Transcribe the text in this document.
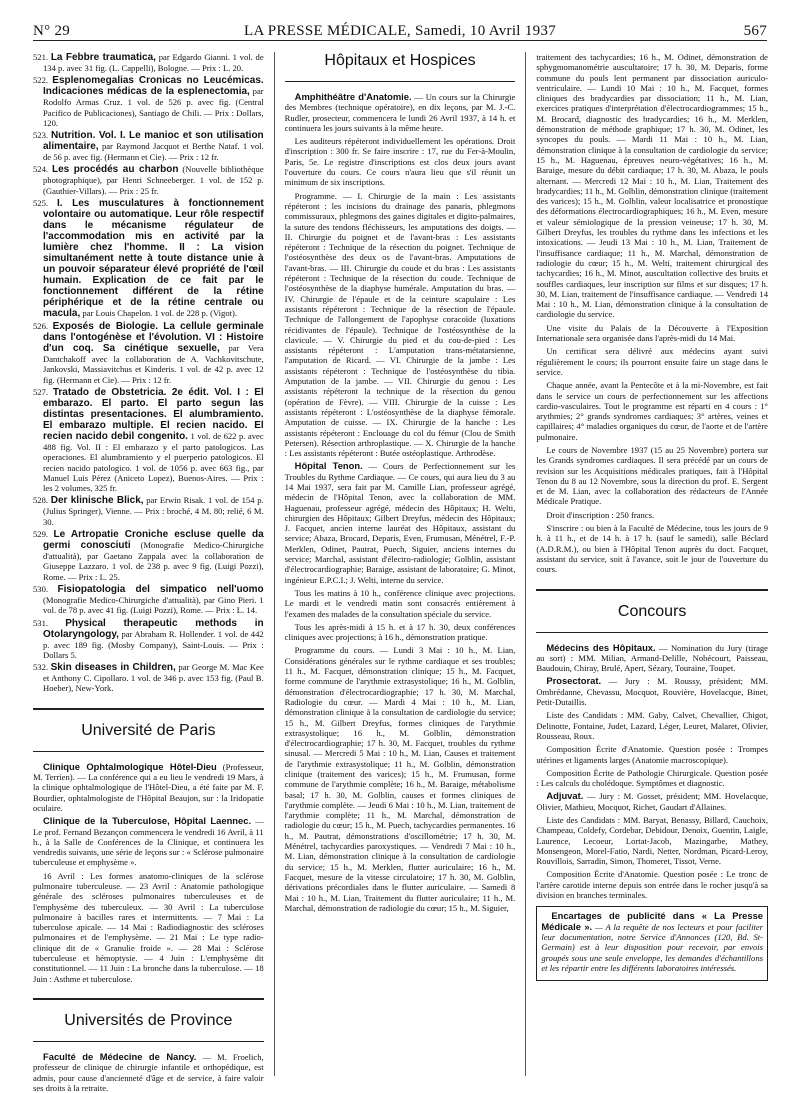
N° 29	LA PRESSE MÉDICALE, Samedi, 10 Avril 1937	567

521. La Febbre traumatica, par Edgardo Gianni. 1 vol. de 134 p. avec 31 fig. (L. Cappelli), Bologne. — Prix : L. 20.

522. Esplenomegalias Cronicas no Leucémicas. Indicaciones médicas de la esplenectomia, par Rodolfo Armas Cruz. 1 vol. de 526 p. avec fig. (Central Pacifico de Publicaciones), Santiago de Chili. — Prix : Dollars, 120.

523. Nutrition. Vol. I. Le manioc et son utilisation alimentaire, par Raymond Jacquot et Berthe Nataf. 1 vol. de 56 p. avec fig. (Hermann et Cie). — Prix : 12 fr.

524. Les procédés au charbon (Nouvelle bibliothèque photographique), par Henri Schneeberger. 1 vol. de 152 p. (Gauthier-Villars). — Prix : 25 fr.

525. I. Les musculatures à fonctionnement volontaire ou automatique. Leur rôle respectif dans le mécanisme régulateur de l'accommodation mis en activité par la lumière chez l'homme. II : La vision simultanément nette à toute distance unie à un pouvoir séparateur élevé propriété de l'œil humain. Explication de ce fait par le fonctionnement différent de la rétine périphérique et de la rétine centrale ou macula, par Louis Chapelon. 1 vol. de 228 p. (Vigot).

526. Exposés de Biologie. La cellule germinale dans l'ontogénèse et l'évolution. VI : Histoire d'un coq. Sa cinétique sexuelle, par Vera Dantchakoff avec la collaboration de A. Vachkovitschute, Jankovski, Massiavitchus et Kinderis. 1 vol. de 42 p. avec 12 fig. (Hermann et Cie). — Prix : 12 fr.

527. Tratado de Obstetricia. 2e édit. Vol. I : El embarazo. El parto. El parto segun las distintas presentaciones. El alumbramiento. El embarazo multiple. El recien nacido. El recien nacido debil congenito. 1 vol. de 622 p. avec 488 fig. Vol. II : El embarazo y el parto patologicos. Las operaciones. El alumbramiento y el puerperio patologicos. El recien nacido patologico. 1 vol. de 1056 p. avec 663 fig., par Manuel Luis Pérez (Aniceto Lopez), Buenos-Aires. — Prix : les 2 volumes, 325 fr.

528. Der klinische Blick, par Erwin Risak. 1 vol. de 154 p. (Julius Springer), Vienne. — Prix : broché, 4 M. 80; relié, 6 M. 30.

529. Le Artropatie Croniche escluse quelle da germi conosciuti (Monografie Medico-Chirurgiche d'attualità), par Gaetano Zappala avec la collaboration de Giuseppe Lazzaro. 1 vol. de 238 p. avec 9 fig. (Luigi Pozzi), Rome. — Prix : L. 25.

530. Fisiopatologia del simpatico nell'uomo (Monografie Medico-Chirurgiche d'attualità), par Gino Pieri. 1 vol. de 78 p. avec 41 fig. (Luigi Pozzi), Rome. — Prix : L. 14.

531. Physical therapeutic methods in Otolaryngology, par Abraham R. Hollender. 1 vol. de 442 p. avec 189 fig. (Mosby Company), Saint-Louis. — Prix : Dollars 5.

532. Skin diseases in Children, par George M. Mac Kee et Anthony C. Cipollaro. 1 vol. de 346 p. avec 153 fig. (Paul B. Hoeber), New-York.

Université de Paris

Clinique Ophtalmologique Hôtel-Dieu (Professeur, M. Terrien). — La conférence qui a eu lieu le vendredi 19 Mars, à la clinique ophtalmologique de l'Hôtel-Dieu, a été faite par M. F. Bourdier, ophtalmologiste de l'Hôpital Beaujon, sur : la Iridopatie oculaire.

Clinique de la Tuberculose, Hôpital Laennec. — Le prof. Fernand Bezançon commencera le vendredi 16 Avril, à 11 h., à la Salle de Conférences de la Clinique, et continuera les vendredis suivants, une série de leçons sur : « Sclérose pulmonaire tuberculeuse et emphysème ».

16 Avril : Les formes anatomo-cliniques de la sclérose pulmonaire tuberculeuse. — 23 Avril : Anatomie pathologique générale des scléroses pulmonaires tuberculeuses et de l'emphysème des tuberculeux. — 30 Avril : La tuberculose pulmonaire à bacilles rares et intermittents. — 7 Mai : La tuberculose apicale. — 14 Mai : Radiodiagnostic des scléroses pulmonaires et de l'emphysème. — 21 Mai : Le type radio-clinique dit de « Granulie froide ». — 28 Mai : Sclérose tuberculeuse et hémoptysie. — 4 Juin : L'emphysème dit constitutionnel. — 11 Juin : La bronche dans la tuberculose. — 18 Juin : Asthme et tuberculose.

Universités de Province

Faculté de Médecine de Nancy. — M. Froelich, professeur de clinique de chirurgie infantile et orthopédique, est admis, pour cause d'ancienneté d'âge et de service, à faire valoir ses droits à la retraite.

Hôpitaux et Hospices

Amphithéâtre d'Anatomie. — Un cours sur la Chirurgie des Membres (technique opératoire), en dix leçons, par M. J.-C. Rudler, prosecteur, commencera le lundi 26 Avril 1937, à 14 h. et continuera les jours suivants à la même heure.

Les auditeurs répéteront individuellement les opérations. Droit d'inscription : 300 fr. Se faire inscrire : 17, rue du Fer-à-Moulin, Paris, 5e. Le registre d'inscriptions est clos deux jours avant l'ouverture du cours. Ce cours n'aura lieu que s'il réunit un minimum de six inscriptions.

Programme. — I. Chirurgie de la main : Les assistants répéteront : les incisions du drainage des panaris, phlegmons commissuraux, phlegmons des gaines digitales et digito-palmaires, la suture des tendons fléchisseurs, les amputations des doigts. — II. Chirurgie du poignet et de l'avant-bras : Les assistants répéteront : Technique de la résection du poignet. Technique de l'ostéosynthèse des deux os de l'avant-bras. Amputations de l'avant-bras. — III. Chirurgie du coude et du bras : Les assistants répéteront : Technique de la résection du coude. Technique de l'ostéosynthèse de la diaphyse humérale. Amputation du bras. — IV. Chirurgie de l'épaule et de la ceinture scapulaire : Les assistants répéteront : Technique de la résection de l'épaule. Technique de l'allongement de l'apophyse coracoïde (luxations récidivantes de l'épaule). Technique de l'ostéosynthèse de la clavicule. — V. Chirurgie du pied et du cou-de-pied : Les assistants répéteront : L'amputation trans-métatarsienne, l'amputation de Ricard. — VI. Chirurgie de la jambe : Les assistants répéteront : Technique de l'ostéosynthèse du tibia. Amputation de la jambe. — VII. Chirurgie du genou : Les assistants répéteront la technique de la résection du genou (opération de Fèvre). — VIII. Chirurgie de la cuisse : Les assistants répéteront : L'ostéosynthèse de la diaphyse fémorale. Amputation de cuisse. — IX. Chirurgie de la hanche : Les assistants répéteront : Enclouage du col du fémur (Clou de Smith Petersen). Résection arthroplastique. — X. Chirurgie de la hanche : Les assistants répéteront : Butée ostéoplastique. Arthrodèse.

Hôpital Tenon. — Cours de Perfectionnement sur les Troubles du Rythme Cardiaque. — Ce cours, qui aura lieu du 3 au 14 Mai 1937, sera fait par M. Camille Lian, professeur agrégé, médecin de l'Hôpital Tenon, avec la collaboration de MM. Haguenau, professeur agrégé, médecin des Hôpitaux; H. Welti, chirurgien des Hôpitaux; Gilbert Dreyfus, médecin des Hôpitaux; J. Facquet, ancien interne lauréat des Hôpitaux, assistant du service; Abaza, Brocard, Deparis, Even, Frumusan, Ménétrel, F.-P. Merklen, Odinet, Pautrat, Puech, Siguier, anciens internes du service; Marchal, assistant d'électro-radiologie; Golblin, assistant d'électrocardiographie; Baraige, assistant de laboratoire; G. Minot, ingénieur E.P.C.I.; J. Welti, interne du service.

Tous les matins à 10 h., conférence clinique avec projections. Le mardi et le vendredi matin sont consacrés entièrement à l'examen des malades de la consultation spéciale du service.

Tous les après-midi à 15 h. et à 17 h. 30, deux conférences cliniques avec projections; à 16 h., démonstration pratique.

Programme du cours. — Lundi 3 Mai : 10 h., M. Lian, Considérations générales sur le rythme cardiaque et ses troubles; 11 h., M. Facquet, démonstration clinique; 15 h., M. Facquet, forme commune de l'arythmie extrasystolique; 16 h., M. Golblin, démonstration d'électrocardiographie; 17 h. 30, M. Marchal, Radiologie du cœur. — Mardi 4 Mai : 10 h., M. Lian, démonstration clinique à la consultation de cardiologie du service; 15 h., M. Gilbert Dreyfus, formes cliniques de l'arythmie extrasystolique; 16 h., M. Golblin, démonstration d'électrocardiographie; 17 h. 30, M. Facquet, troubles du rythme sinusal. — Mercredi 5 Mai : 10 h., M. Lian, Causes et traitement de l'arythmie extrasystolique; 11 h., M. Golblin, démonstration clinique (traitement des varices); 15 h., M. Frumusan, forme commune de l'arythmie complète; 16 h., M. Baraige, métabolisme basal; 17 h. 30, M. Golblin, causes et formes cliniques de l'arythmie complète. — Jeudi 6 Mai : 10 h., M. Lian, traitement de l'arythmie complète; 11 h., M. Marchal, démonstration de radiologie du cœur; 15 h., M. Puech, tachycardies permanentes. 16 h., M. Pautrat, démonstrations d'oscillométrie; 17 h. 30, M. Ménétrel, tachycardies paroxystiques. — Vendredi 7 Mai : 10 h., M. Lian, démonstration clinique à la consultation de cardiologie du service; 15 h., M. Merklen, flutter auriculaire; 16 h., M. Facquet, mesure de la vitesse circulatoire; 17 h. 30, M. Golblin, dérivations précordiales dans le flutter auriculaire. — Samedi 8 Mai : 10 h., M. Lian, Traitement du flutter auriculaire; 11 h., M. Marchal, démonstration de radiologie du cœur; 15 h., M. Siguier,

traitement des tachycardies; 16 h., M. Odinet, démonstration de sphygmomanométrie auscultatoire; 17 h. 30, M. Deparis, forme commune du pouls lent permanent par dissociation auriculo-ventriculaire. — Lundi 10 Mai : 10 h., M. Facquet, formes cliniques des bradycardies par dissociation; 11 h., M. Lian, exercices pratiques d'interprétation d'électrocardiogrammes; 15 h., M. Brocard, diagnostic des bradycardies; 16 h., M. Merklen, démonstration de méthode graphique; 17 h. 30, M. Odinet, les syncopes du pouls. — Mardi 11 Mai : 10 h., M. Lian, démonstration clinique à la consultation de cardiologie du service; 15 h., M. Haguenau, épreuves neuro-végétatives; 16 h., M. Baraige, mesure du débit cardiaque; 17 h. 30, M. Abaza, le pouls alternant. — Mercredi 12 Mai : 10 h., M. Lian, Traitement des bradycardies; 11 h., M. Golblin, démonstration clinique (traitement des varices); 15 h., M. Golblin, valeur localisatrice et pronostique des déformations électrocardiographiques; 16 h., M. Even, mesure et valeur sémiologique de la pression veineuse; 17 h. 30, M. Gilbert Dreyfus, les troubles du rythme dans les infections et les intoxications. — Jeudi 13 Mai : 10 h., M. Lian, Traitement de l'insuffisance cardiaque; 11 h., M. Marchal, démonstration de radiologie du cœur; 15 h., M. Welti, traitement chirurgical des tachycardies; 16 h., M. Minot, auscultation collective des bruits et souffles cardiaques, leur inscription sur films et sur disques; 17 h. 30, M. Lian, traitement de l'insuffisance cardiaque. — Vendredi 14 Mai : 10 h., M. Lian, démonstration clinique à la consultation de cardiologie du service.

Une visite du Palais de la Découverte à l'Exposition Internationale sera organisée dans l'après-midi du 14 Mai.

Un certificat sera délivré aux médecins ayant suivi régulièrement le cours; ils pourront ensuite faire un stage dans le service.

Chaque année, avant la Pentecôte et à la mi-Novembre, est fait dans le service un cours de perfectionnement sur les affections cardio-vasculaires. Tout le programme est réparti en 4 cours : 1° arythmies; 2° grands syndromes cardiaques; 3° artères, veines et capillaires; 4° maladies organiques du cœur, de l'aorte et de l'artère pulmonaire.

Le cours de Novembre 1937 (15 au 25 Novembre) portera sur les Grands syndromes cardiaques. Il sera précédé par un cours de revision sur les Acquisitions médicales pratiques, fait à l'Hôpital Tenon du 8 au 12 Novembre, sous la direction du prof. E. Sergent et de M. Lian, avec la collaboration des rédacteurs de l'Année Médicale Pratique.

Droit d'inscription : 250 francs.

S'inscrire : ou bien à la Faculté de Médecine, tous les jours de 9 h. à 11 h., et de 14 h. à 17 h. (sauf le samedi), salle Béclard (A.D.R.M.), ou bien à l'Hôpital Tenon auprès du doct. Facquet, assistant du service, soit à l'avance, soit le jour de l'ouverture du cours.

Concours

Médecins des Hôpitaux. — Nomination du Jury (tirage au sort) : MM. Milian, Armand-Delille, Nobécourt, Paisseau, Baudouin, Chiray, Brulé, Apert, Sézary, Touraine, Toupet.

Prosectorat. — Jury : M. Roussy, président; MM. Ombrédanne, Chevassu, Mocquot, Rouvière, Hovelacque, Binet, Petit-Dutaillis.

Liste des Candidats : MM. Gaby, Calvet, Chevallier, Chigot, Delinotte, Fontaine, Judet, Lazard, Léger, Leuret, Malaret, Olivier, Rousseau, Roux.

Composition Écrite d'Anatomie. Question posée : Trompes utérines et ligaments larges (Anatomie macroscopique).

Composition Écrite de Pathologie Chirurgicale. Question posée : Les calculs du cholédoque. Symptômes et diagnostic.

Adjuvat. — Jury : M. Gosset, président; MM. Hovelacque, Olivier, Mathieu, Mocquot, Richet, Gaudart d'Allaines.

Liste des Candidats : MM. Baryat, Benassy, Billard, Cauchoix, Champeau, Coldefy, Cordebar, Debidour, Denoix, Guentin, Laigle, Laurence, Lecoeur, Lortat-Jacob, Mazingarbe, Mathey, Monsengeon, Morel-Fatio, Nardi, Netter, Nordman, Picard-Leroy, Rouvillois, Sarradin, Simon, Thomeret, Tissot, Verne.

Composition Écrite d'Anatomie. Question posée : Le tronc de l'artère carotide interne depuis son entrée dans le rocher jusqu'à sa division en branches terminales.

Encartages de publicité dans « La Presse Médicale ». — A la requête de nos lecteurs et pour faciliter leur documentation, notre Service d'Annonces (120, Bd. St-Germain) est à leur disposition pour recevoir, par envois groupés sous une seule enveloppe, les demandes d'échantillons et les répartir entre les différents laboratoires intéressés.
